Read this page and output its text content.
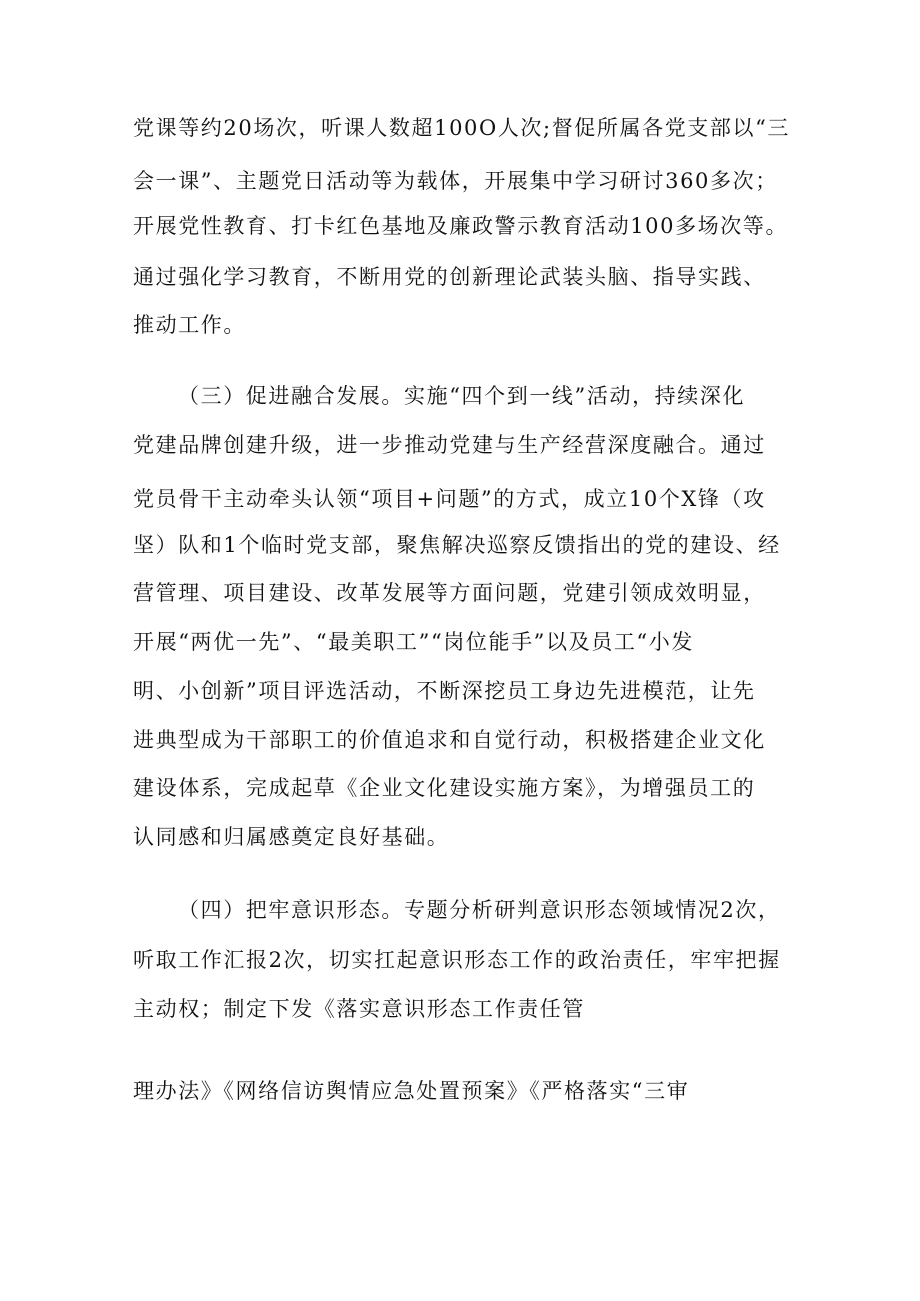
党课等约20场次，听课人数超100O人次;督促所属各党支部以“三
会一课”、主题党日活动等为载体，开展集中学习研讨360多次；
开展党性教育、打卡红色基地及廉政警示教育活动100多场次等。
通过强化学习教育，不断用党的创新理论武装头脑、指导实践、
推动工作。
（三）促进融合发展。实施“四个到一线”活动，持续深化
党建品牌创建升级，进一步推动党建与生产经营深度融合。通过
党员骨干主动牵头认领“项目+问题”的方式，成立10个X锋（攻
坚）队和1个临时党支部，聚焦解决巡察反馈指出的党的建设、经
营管理、项目建设、改革发展等方面问题，党建引领成效明显，
开展“两优一先”、“最美职工”“岗位能手”以及员工“小发
明、小创新”项目评选活动，不断深挖员工身边先进模范，让先
进典型成为干部职工的价值追求和自觉行动，积极搭建企业文化
建设体系，完成起草《企业文化建设实施方案》，为增强员工的
认同感和归属感奠定良好基础。
（四）把牢意识形态。专题分析研判意识形态领域情况2次，
听取工作汇报2次，切实扛起意识形态工作的政治责任，牢牢把握
主动权；制定下发《落实意识形态工作责任管
理办法》《网络信访舆情应急处置预案》《严格落实“三审
